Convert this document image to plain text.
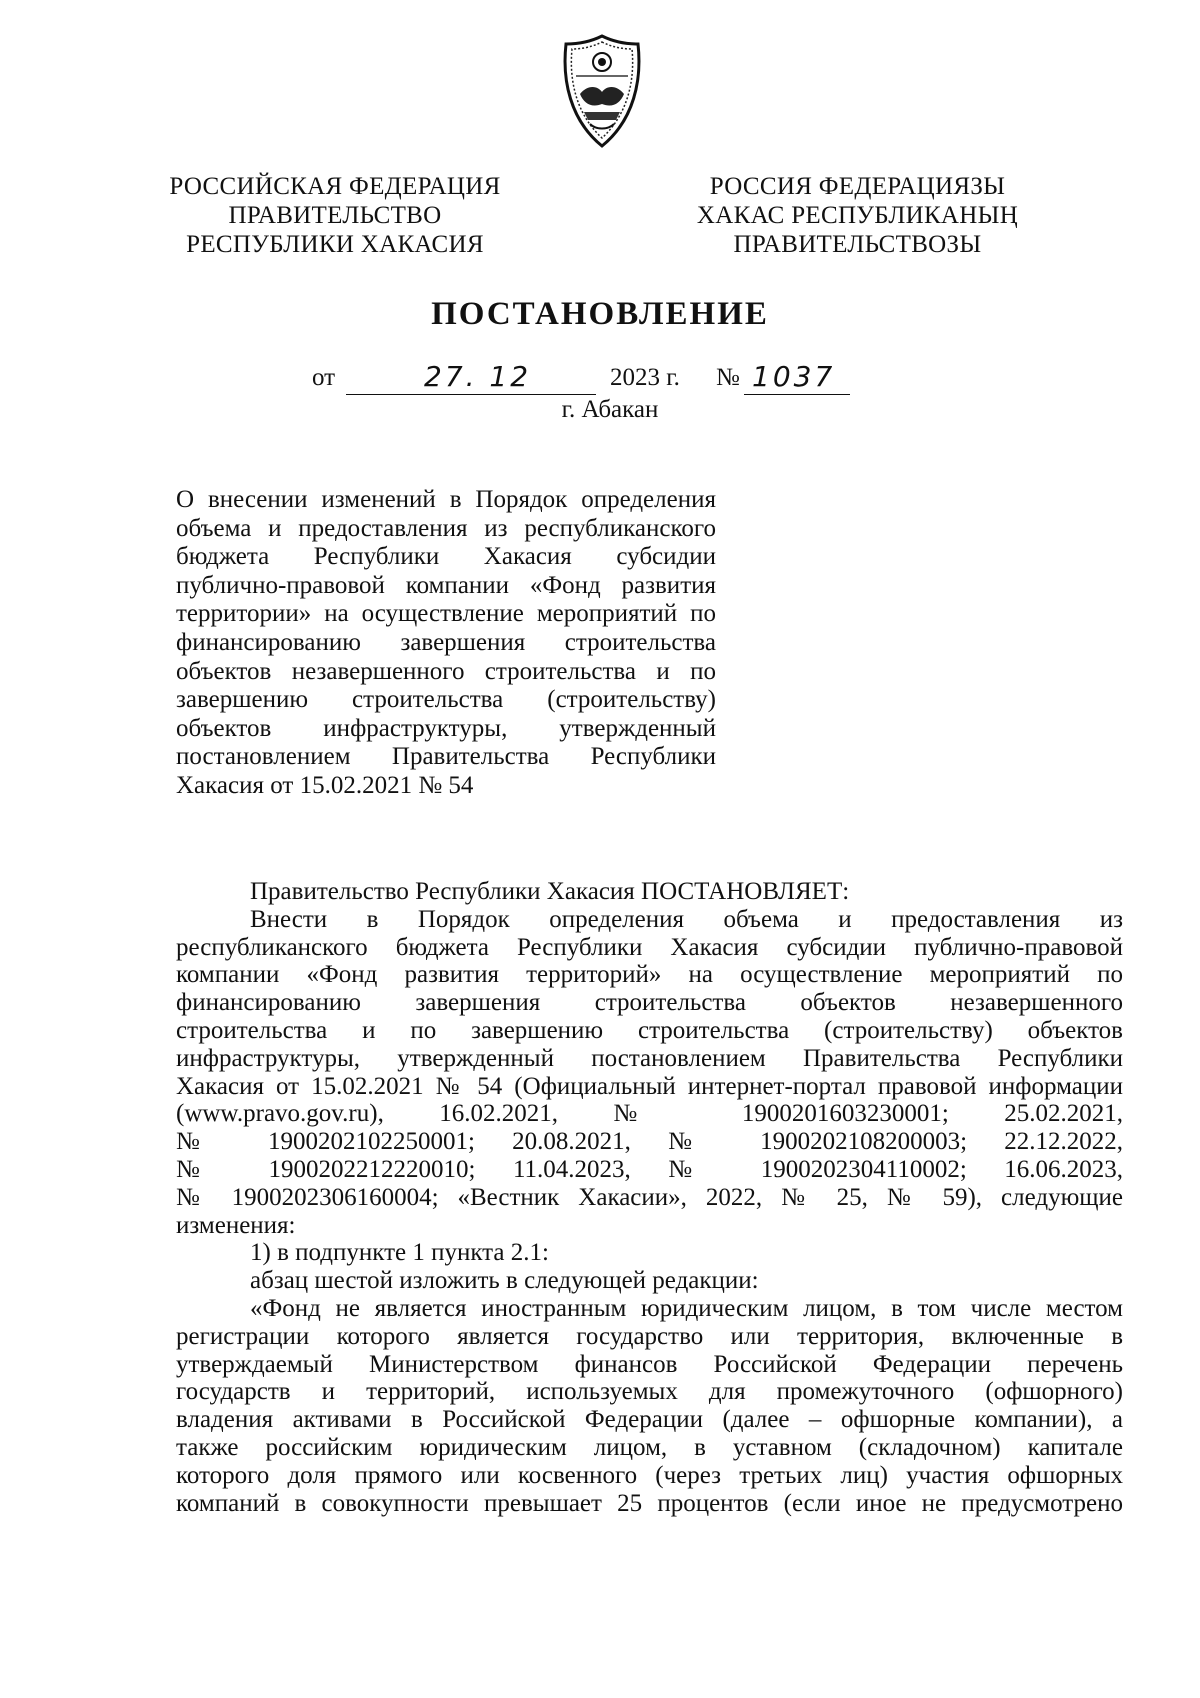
РОССИЙСКАЯ ФЕДЕРАЦИЯ
ПРАВИТЕЛЬСТВО
РЕСПУБЛИКИ ХАКАСИЯ
РОССИЯ ФЕДЕРАЦИЯЗЫ
ХАКАС РЕСПУБЛИКАНЫҢ
ПРАВИТЕЛЬСТВОЗЫ
ПОСТАНОВЛЕНИЕ
от	27. 12	2023 г. № 1037
г. Абакан
О внесении изменений в Порядок определения
объема и предоставления из республиканского
бюджета Республики Хакасия субсидии
публично-правовой компании «Фонд развития
территории» на осуществление мероприятий по
финансированию завершения строительства
объектов незавершенного строительства и по
завершению строительства (строительству)
объектов инфраструктуры, утвержденный
постановлением Правительства Республики
Хакасия от 15.02.2021 № 54
Правительство Республики Хакасия ПОСТАНОВЛЯЕТ:
Внести в Порядок определения объема и предоставления из
республиканского бюджета Республики Хакасия субсидии публично-правовой
компании «Фонд развития территорий» на осуществление мероприятий по
финансированию завершения строительства объектов незавершенного
строительства и по завершению строительства (строительству) объектов
инфраструктуры, утвержденный постановлением Правительства Республики
Хакасия от 15.02.2021 № 54 (Официальный интернет-портал правовой информации
(www.pravo.gov.ru), 16.02.2021, № 1900201603230001; 25.02.2021,
№ 1900202102250001; 20.08.2021, № 1900202108200003; 22.12.2022,
№ 1900202212220010; 11.04.2023, № 1900202304110002; 16.06.2023,
№ 1900202306160004; «Вестник Хакасии», 2022, № 25, № 59), следующие
изменения:
1) в подпункте 1 пункта 2.1:
абзац шестой изложить в следующей редакции:
«Фонд не является иностранным юридическим лицом, в том числе местом
регистрации которого является государство или территория, включенные в
утверждаемый Министерством финансов Российской Федерации перечень
государств и территорий, используемых для промежуточного (офшорного)
владения активами в Российской Федерации (далее – офшорные компании), а
также российским юридическим лицом, в уставном (складочном) капитале
которого доля прямого или косвенного (через третьих лиц) участия офшорных
компаний в совокупности превышает 25 процентов (если иное не предусмотрено
